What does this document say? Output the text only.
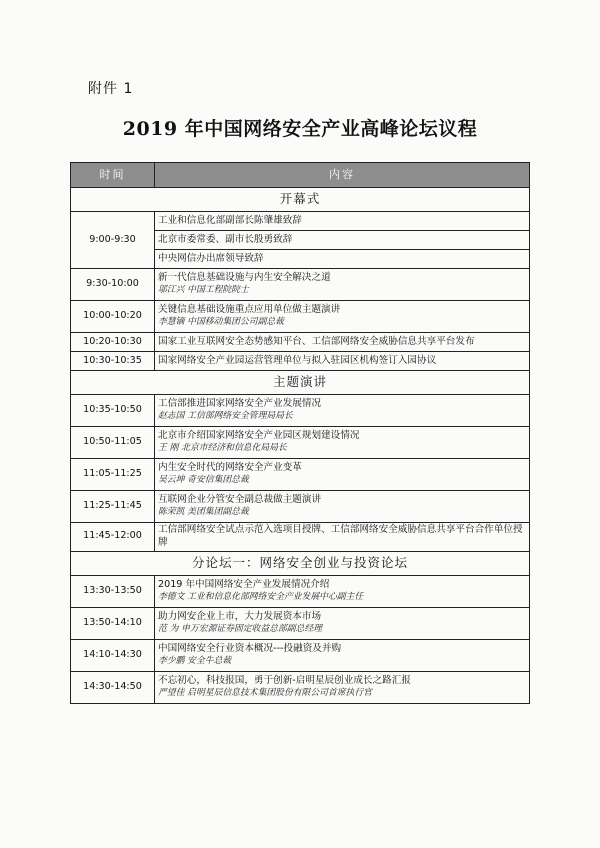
附件 1
2019 年中国网络安全产业高峰论坛议程
时间	内容
开幕式	
9:00-9:30	工业和信息化部副部长陈肇雄致辞

	北京市委常委、副市长殷勇致辞

	中央网信办出席领导致辞

9:30-10:00	新一代信息基础设施与内生安全解决之道
邬江兴 中国工程院院士

10:00-10:20	关键信息基础设施重点应用单位做主题演讲
李慧镝 中国移动集团公司副总裁

10:20-10:30	国家工业互联网安全态势感知平台、工信部网络安全威胁信息共享平台发布

10:30-10:35	国家网络安全产业园运营管理单位与拟入驻园区机构签订入园协议

主题演讲	
10:35-10:50	工信部推进国家网络安全产业发展情况
赵志国 工信部网络安全管理局局长

10:50-11:05	北京市介绍国家网络安全产业园区规划建设情况
王 刚 北京市经济和信息化局局长

11:05-11:25	内生安全时代的网络安全产业变革
吴云坤 奇安信集团总裁

11:25-11:45	互联网企业分管安全副总裁做主题演讲
陈荣凯 美团集团副总裁

11:45-12:00	工信部网络安全试点示范入选项目授牌、工信部网络安全威胁信息共享平台合作单位授牌

分论坛一：网络安全创业与投资论坛	
13:30-13:50	2019 年中国网络安全产业发展情况介绍
李德文 工业和信息化部网络安全产业发展中心副主任

13:50-14:10	助力网安企业上市，大力发展资本市场
范 为 申万宏源证券固定收益总部副总经理

14:10-14:30	中国网络安全行业资本概况---投融资及并购
李少鹏 安全牛总裁

14:30-14:50	不忘初心，科技报国，勇于创新-启明星辰创业成长之路汇报
严望佳 启明星辰信息技术集团股份有限公司首席执行官
